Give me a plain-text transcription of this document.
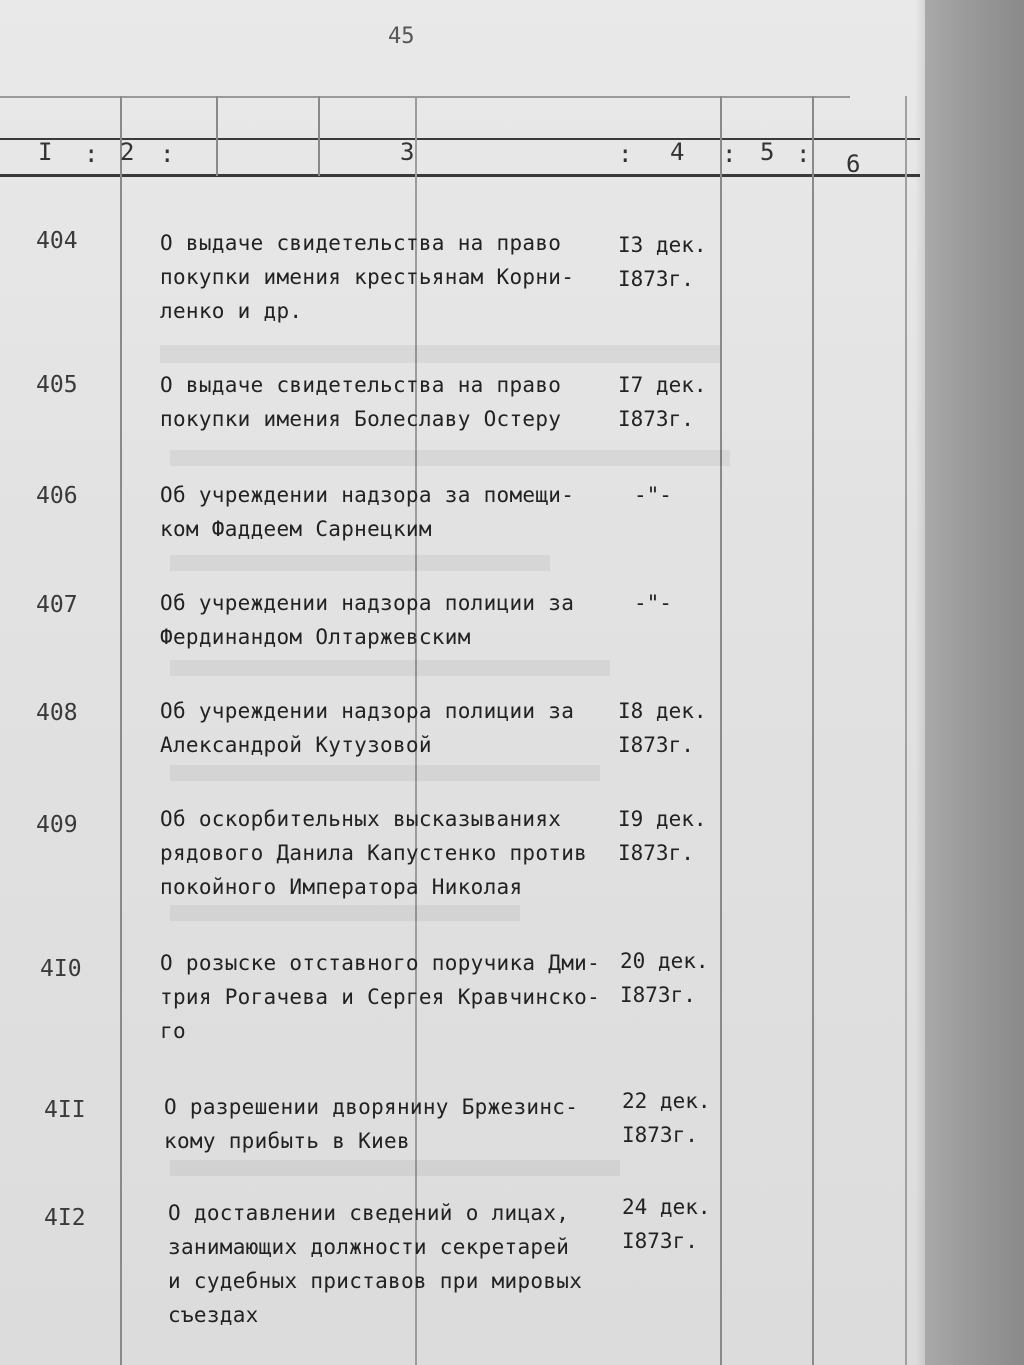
45
I : 2 :	3	: 4 : 5 : 6
404	О выдаче свидетельства на право
покупки имения крестьянам Корни-
ленко и др.
I3 дек.
I873г.
405	О выдаче свидетельства на право
покупки имения Болеславу Остеру
I7 дек.
I873г.
406	Об учреждении надзора за помещи-
ком Фаддеем Сарнецким
-"-
407	Об учреждении надзора полиции за
Фердинандом Олтаржевским
-"-
408	Об учреждении надзора полиции за
Александрой Кутузовой
I8 дек.
I873г.
409	Об оскорбительных высказываниях
рядового Данила Капустенко против
покойного Императора Николая
I9 дек.
I873г.
4I0	О розыске отставного поручика Дми-
трия Рогачева и Сергея Кравчинско-
го
20 дек.
I873г.
4II	О разрешении дворянину Бржезинс-
кому прибыть в Киев
22 дек.
I873г.
4I2	О доставлении сведений о лицах,
занимающих должности секретарей
и судебных приставов при мировых
съездах
24 дек.
I873г.
